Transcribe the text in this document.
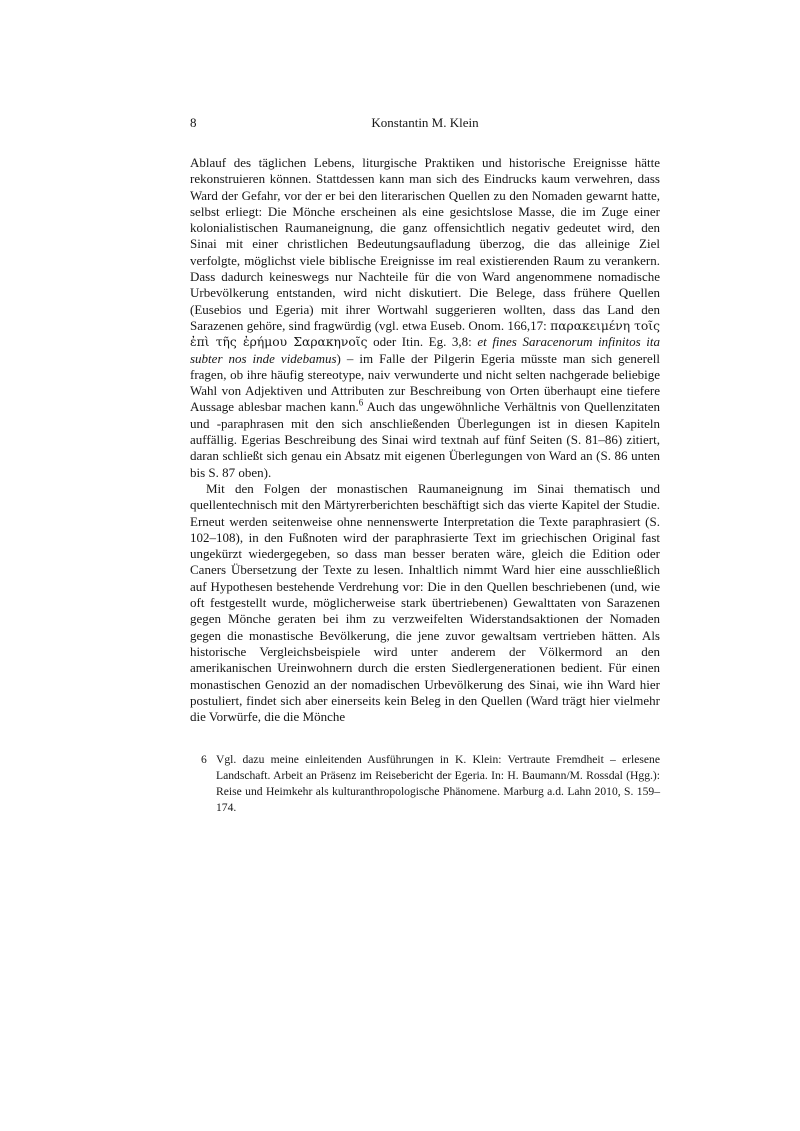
8	Konstantin M. Klein

Ablauf des täglichen Lebens, liturgische Praktiken und historische Ereignisse hätte rekonstruieren können. Stattdessen kann man sich des Eindrucks kaum verwehren, dass Ward der Gefahr, vor der er bei den literarischen Quellen zu den Nomaden gewarnt hatte, selbst erliegt: Die Mönche erscheinen als eine gesichtslose Masse, die im Zuge einer kolonialistischen Raumaneignung, die ganz offensichtlich negativ gedeutet wird, den Sinai mit einer christlichen Bedeutungsaufladung überzog, die das alleinige Ziel verfolgte, möglichst viele biblische Ereignisse im real existierenden Raum zu verankern. Dass dadurch keineswegs nur Nachteile für die von Ward angenommene nomadische Urbevölkerung entstanden, wird nicht diskutiert. Die Belege, dass frühere Quellen (Eusebios und Egeria) mit ihrer Wortwahl suggerieren wollten, dass das Land den Sarazenen gehöre, sind fragwürdig (vgl. etwa Euseb. Onom. 166,17: παρακειμένη τοῖς ἐπὶ τῆς ἐρήμου Σαρακηνοῖς oder Itin. Eg. 3,8: et fines Saracenorum infinitos ita subter nos inde videbamus) – im Falle der Pilgerin Egeria müsste man sich generell fragen, ob ihre häufig stereotype, naiv verwunderte und nicht selten nachgerade beliebige Wahl von Adjektiven und Attributen zur Beschreibung von Orten überhaupt eine tiefere Aussage ablesbar machen kann.$^6$ Auch das ungewöhnliche Verhältnis von Quellenzitaten und -paraphrasen mit den sich anschließenden Überlegungen ist in diesen Kapiteln auffällig. Egerias Beschreibung des Sinai wird textnah auf fünf Seiten (S. 81–86) zitiert, daran schließt sich genau ein Absatz mit eigenen Überlegungen von Ward an (S. 86 unten bis S. 87 oben).

Mit den Folgen der monastischen Raumaneignung im Sinai thematisch und quellentechnisch mit den Märtyrerberichten beschäftigt sich das vierte Kapitel der Studie. Erneut werden seitenweise ohne nennenswerte Interpretation die Texte paraphrasiert (S. 102–108), in den Fußnoten wird der paraphrasierte Text im griechischen Original fast ungekürzt wiedergegeben, so dass man besser beraten wäre, gleich die Edition oder Caners Übersetzung der Texte zu lesen. Inhaltlich nimmt Ward hier eine ausschließlich auf Hypothesen bestehende Verdrehung vor: Die in den Quellen beschriebenen (und, wie oft festgestellt wurde, möglicherweise stark übertriebenen) Gewalttaten von Sarazenen gegen Mönche geraten bei ihm zu verzweifelten Widerstandsaktionen der Nomaden gegen die monastische Bevölkerung, die jene zuvor gewaltsam vertrieben hätten. Als historische Vergleichsbeispiele wird unter anderem der Völkermord an den amerikanischen Ureinwohnern durch die ersten Siedlergenerationen bedient. Für einen monastischen Genozid an der nomadischen Urbevölkerung des Sinai, wie ihn Ward hier postuliert, findet sich aber einerseits kein Beleg in den Quellen (Ward trägt hier vielmehr die Vorwürfe, die die Mönche

6 Vgl. dazu meine einleitenden Ausführungen in K. Klein: Vertraute Fremdheit – erlesene Landschaft. Arbeit an Präsenz im Reisebericht der Egeria. In: H. Baumann/M. Rossdal (Hgg.): Reise und Heimkehr als kulturanthropologische Phänomene. Marburg a.d. Lahn 2010, S. 159–174.
